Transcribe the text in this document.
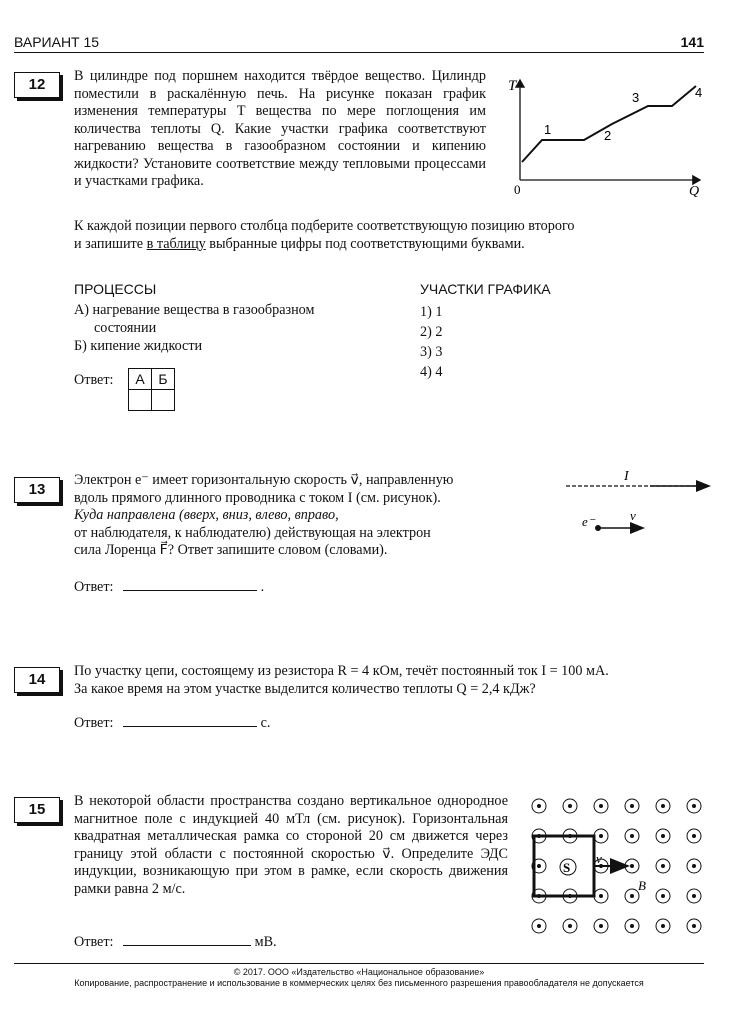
ВАРИАНТ 15	141
12	В цилиндре под поршнем находится твёрдое вещество. Цилиндр поместили в раскалённую печь. На рисунке показан график изменения температуры T вещества по мере поглощения им количества теплоты Q. Какие участки графика соответствуют нагреванию вещества в газообразном состоянии и кипению жидкости? Установите соответствие между тепловыми процессами и участками графика.
T
0	Q
1	2
3	4
К каждой позиции первого столбца подберите соответствующую позицию второго
и запишите в таблицу выбранные цифры под соответствующими буквами.
ПРОЦЕССЫ
А) нагревание вещества в газообразном
состоянии
Б) кипение жидкости
УЧАСТКИ ГРАФИКА
1) 1
2) 2
3) 3
4) 4
Ответ: А	Б

13
Электрон e⁻ имеет горизонтальную скорость v⃗, направленную
вдоль прямого длинного проводника с током I (см. рисунок).
Куда направлена (вверх, вниз, влево, вправо,
от наблюдателя, к наблюдателю) действующая на электрон
сила Лоренца F⃗? Ответ запишите словом (словами).
I
e⁻	v⃗
Ответ:	.
14	По участку цепи, состоящему из резистора R = 4 кОм, течёт постоянный ток I = 100 мА.
За какое время на этом участке выделится количество теплоты Q = 2,4 кДж?
Ответ:	с.
15	В некоторой области пространства создано вертикальное однородное магнитное поле с индукцией 40 мТл (см. рисунок). Горизонтальная квадратная металлическая рамка со стороной 20 см движется через границу этой области с постоянной скоростью v⃗. Определите ЭДС индукции, возникающую при этом в рамке, если скорость движения рамки равна 2 м/с.
S
v⃗
B⃗
Ответ:	мВ.
© 2017. ООО «Издательство «Национальное образование»
Копирование, распространение и использование в коммерческих целях без письменного разрешения правообладателя не допускается
